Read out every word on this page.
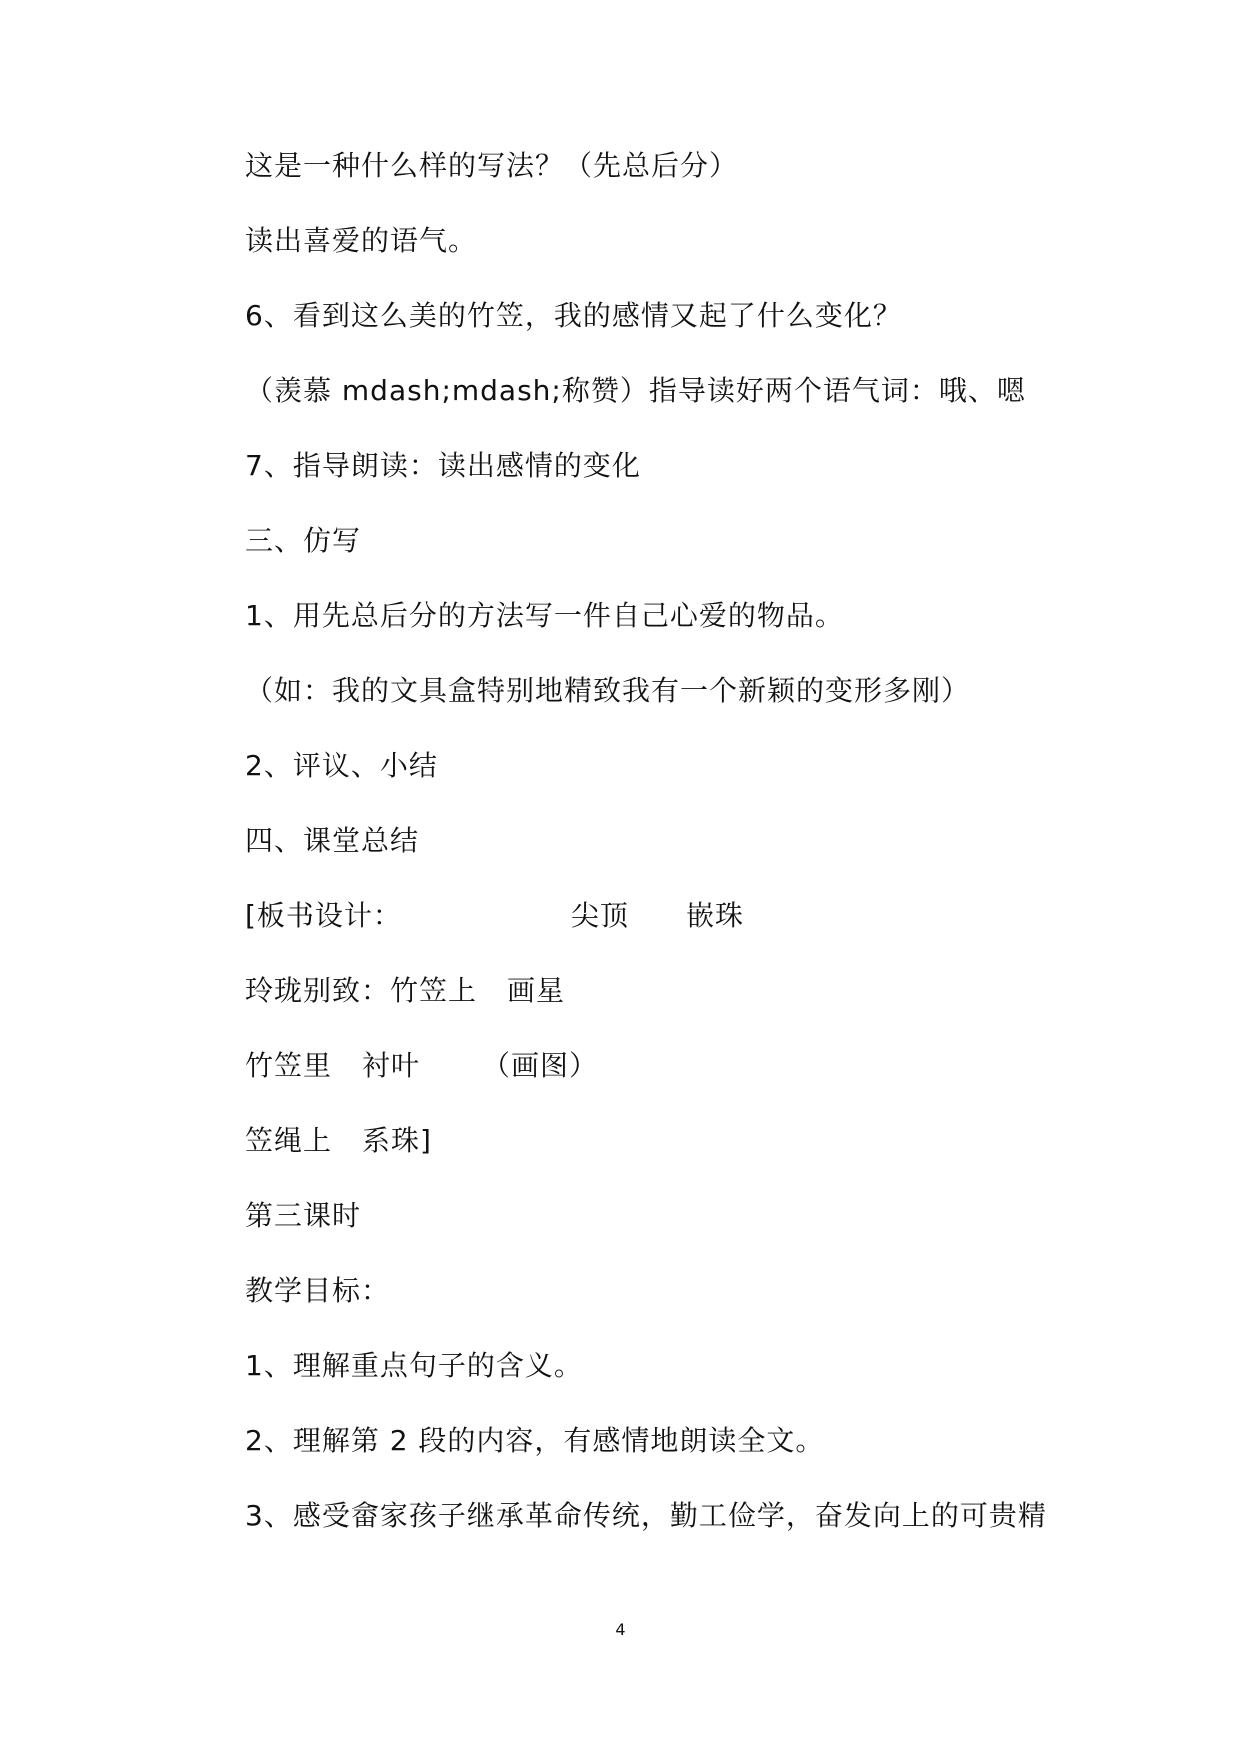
这是一种什么样的写法？（先总后分）
读出喜爱的语气。
6、看到这么美的竹笠，我的感情又起了什么变化？
（羡慕 mdash;mdash;称赞）指导读好两个语气词：哦、嗯
7、指导朗读：读出感情的变化
三、仿写
1、用先总后分的方法写一件自己心爱的物品。
（如：我的文具盒特别地精致我有一个新颖的变形多刚）
2、评议、小结
四、课堂总结
[板书设计：	尖顶 嵌珠
玲珑别致：竹笠上 画星
竹笠里 衬叶 （画图）
笠绳上 系珠]
第三课时
教学目标：
1、理解重点句子的含义。
2、理解第 2 段的内容，有感情地朗读全文。
3、感受畲家孩子继承革命传统，勤工俭学，奋发向上的可贵精
4
